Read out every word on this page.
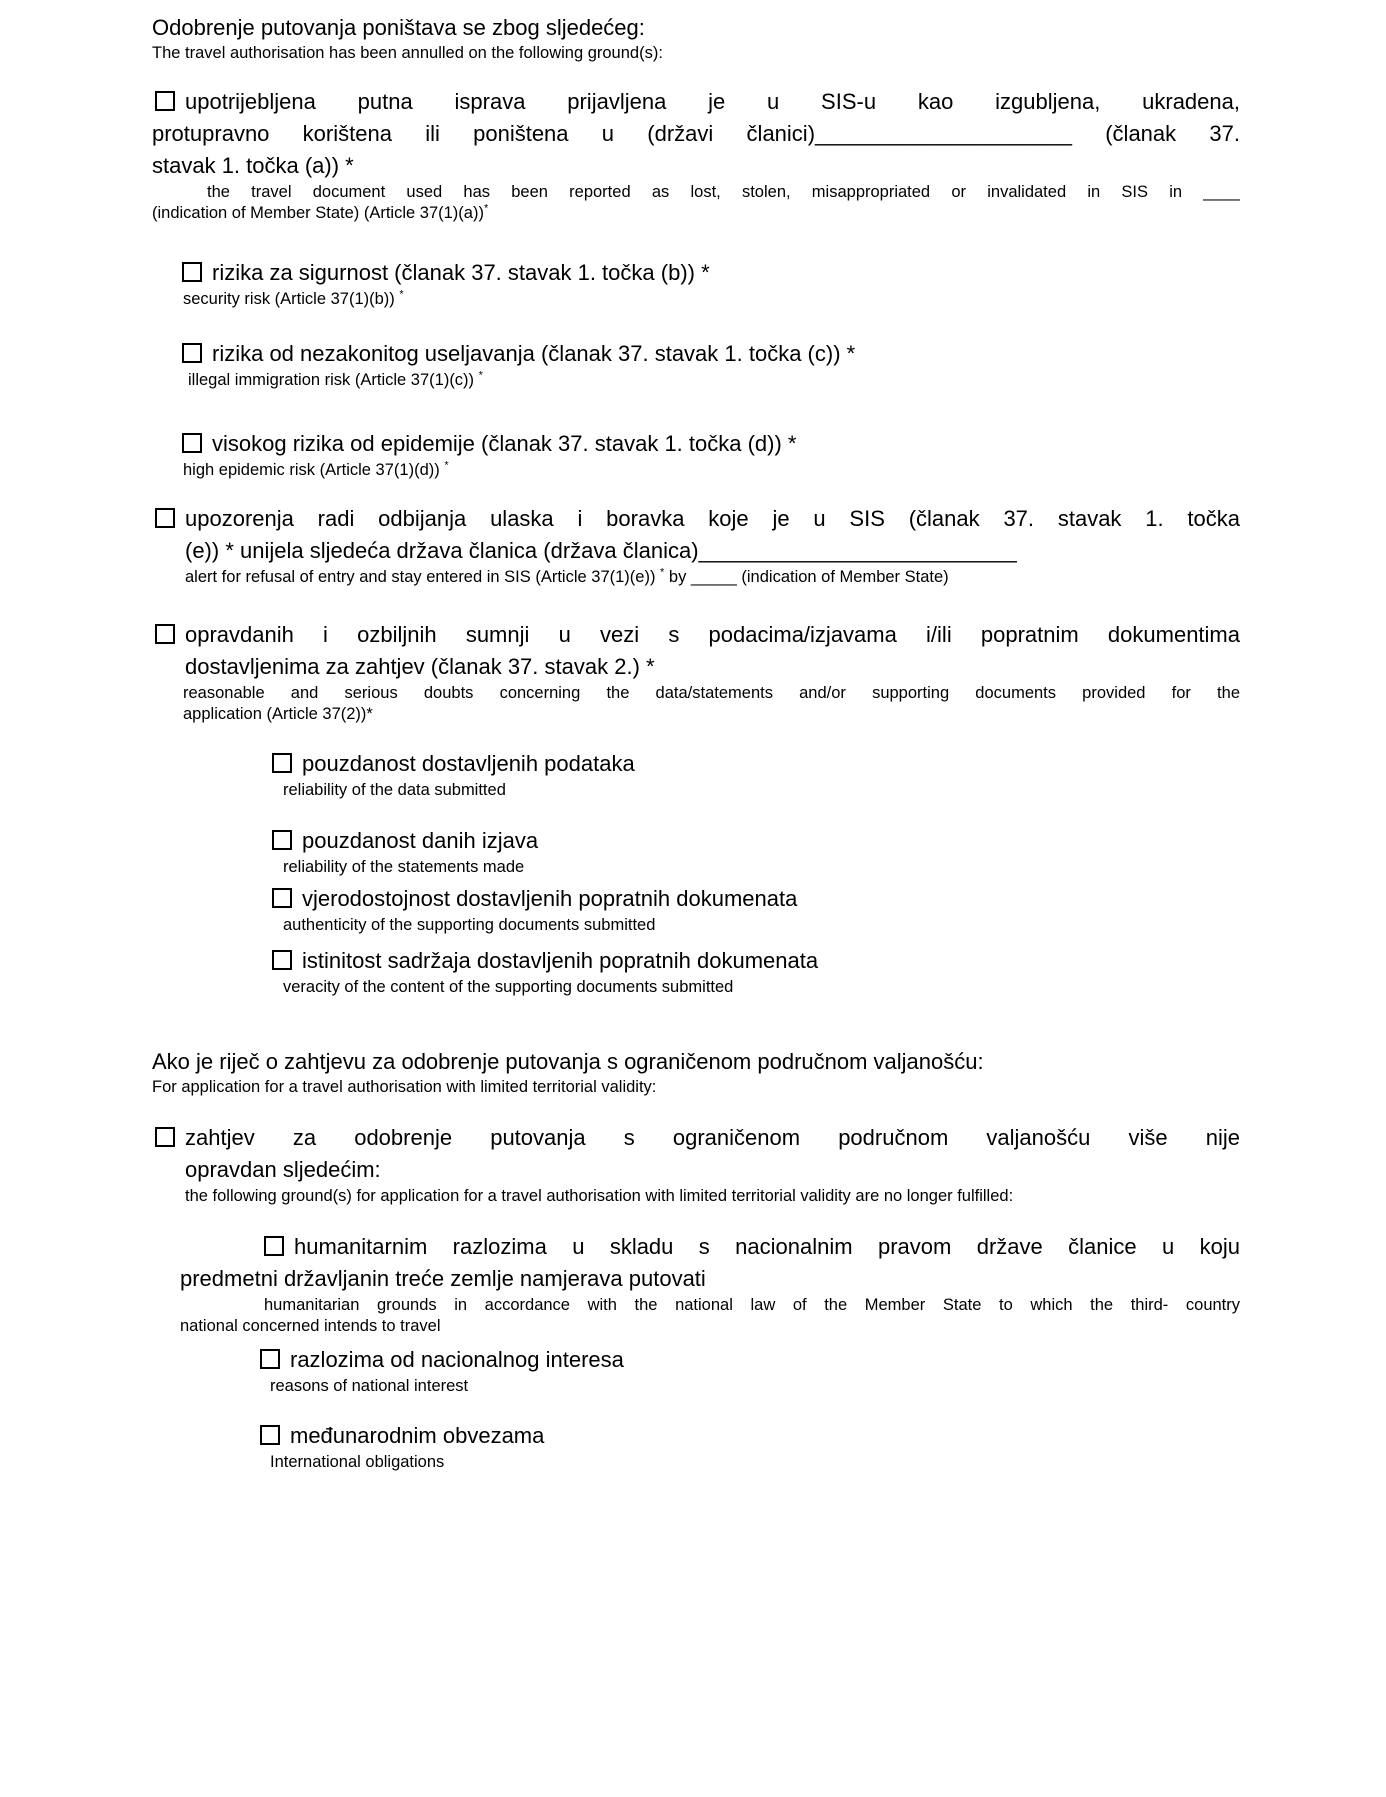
Odobrenje putovanja poništava se zbog sljedećeg:

The travel authorisation has been annulled on the following ground(s):

upotrijebljena putna isprava prijavljena je u SIS-u kao izgubljena, ukradena,
protupravno korištena ili poništena u (državi članici)_____________________ (članak 37.
stavak 1. točka (a)) *
the travel document used has been reported as lost, stolen, misappropriated or invalidated in SIS in ____
(indication of Member State) (Article 37(1)(a))*

rizika za sigurnost (članak 37. stavak 1. točka (b)) *

security risk (Article 37(1)(b)) *

rizika od nezakonitog useljavanja (članak 37. stavak 1. točka (c)) *

illegal immigration risk (Article 37(1)(c)) *

visokog rizika od epidemije (članak 37. stavak 1. točka (d)) *

high epidemic risk (Article 37(1)(d)) *

upozorenja radi odbijanja ulaska i boravka koje je u SIS (članak 37. stavak 1. točka
(e)) * unijela sljedeća država članica (država članica)__________________________

alert for refusal of entry and stay entered in SIS (Article 37(1)(e)) * by _____ (indication of Member State)

opravdanih i ozbiljnih sumnji u vezi s podacima/izjavama i/ili popratnim dokumentima
dostavljenima za zahtjev (članak 37. stavak 2.) *
reasonable and serious doubts concerning the data/statements and/or supporting documents provided for the
application (Article 37(2))*

pouzdanost dostavljenih podataka

reliability of the data submitted

pouzdanost danih izjava

reliability of the statements made

vjerodostojnost dostavljenih popratnih dokumenata

authenticity of the supporting documents submitted

istinitost sadržaja dostavljenih popratnih dokumenata

veracity of the content of the supporting documents submitted

Ako je riječ o zahtjevu za odobrenje putovanja s ograničenom područnom valjanošću:

For application for a travel authorisation with limited territorial validity:

zahtjev za odobrenje putovanja s ograničenom područnom valjanošću više nije
opravdan sljedećim:

the following ground(s) for application for a travel authorisation with limited territorial validity are no longer fulfilled:

humanitarnim razlozima u skladu s nacionalnim pravom države članice u koju
predmetni državljanin treće zemlje namjerava putovati
humanitarian grounds in accordance with the national law of the Member State to which the third- country
national concerned intends to travel

razlozima od nacionalnog interesa

reasons of national interest

međunarodnim obvezama

International obligations
